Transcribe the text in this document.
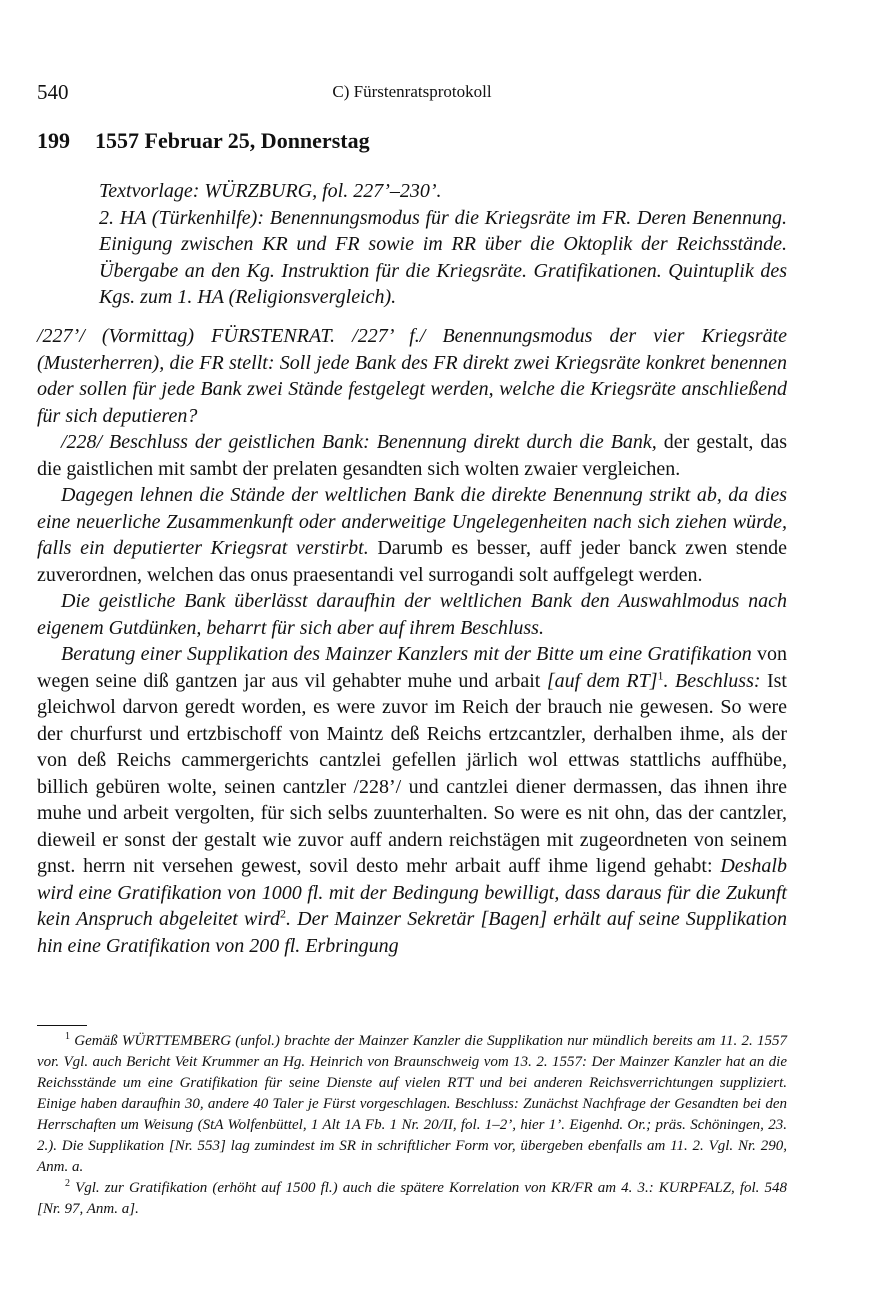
540	C) Fürstenratsprotokoll
199 1557 Februar 25, Donnerstag

Textvorlage: WÜRZBURG, fol. 227’–230’.

2. HA (Türkenhilfe): Benennungsmodus für die Kriegsräte im FR. Deren Benennung. Einigung zwischen KR und FR sowie im RR über die Oktoplik der Reichsstände. Übergabe an den Kg. Instruktion für die Kriegsräte. Gratifikationen. Quintuplik des Kgs. zum 1. HA (Religionsvergleich).

/227’/ (Vormittag) FÜRSTENRAT. /227’ f./ Benennungsmodus der vier Kriegsräte (Musterherren), die FR stellt: Soll jede Bank des FR direkt zwei Kriegsräte konkret benennen oder sollen für jede Bank zwei Stände festgelegt werden, welche die Kriegsräte anschließend für sich deputieren?

/228/ Beschluss der geistlichen Bank: Benennung direkt durch die Bank, der gestalt, das die gaistlichen mit sambt der prelaten gesandten sich wolten zwaier vergleichen.

Dagegen lehnen die Stände der weltlichen Bank die direkte Benennung strikt ab, da dies eine neuerliche Zusammenkunft oder anderweitige Ungelegenheiten nach sich ziehen würde, falls ein deputierter Kriegsrat verstirbt. Darumb es besser, auff jeder banck zwen stende zuverordnen, welchen das onus praesentandi vel surrogandi solt auffgelegt werden.

Die geistliche Bank überlässt daraufhin der weltlichen Bank den Auswahlmodus nach eigenem Gutdünken, beharrt für sich aber auf ihrem Beschluss.

Beratung einer Supplikation des Mainzer Kanzlers mit der Bitte um eine Gratifikation von wegen seine diß gantzen jar aus vil gehabter muhe und arbait [auf dem RT]$^1$. Beschluss: Ist gleichwol darvon geredt worden, es were zuvor im Reich der brauch nie gewesen. So were der churfurst und ertzbischoff von Maintz deß Reichs ertzcantzler, derhalben ihme, als der von deß Reichs cammergerichts cantzlei gefellen järlich wol ettwas stattlichs auffhübe, billich gebüren wolte, seinen cantzler /228’/ und cantzlei diener dermassen, das ihnen ihre muhe und arbeit vergolten, für sich selbs zuunterhalten. So were es nit ohn, das der cantzler, dieweil er sonst der gestalt wie zuvor auff andern reichstägen mit zugeordneten von seinem gnst. herrn nit versehen gewest, sovil desto mehr arbait auff ihme ligend gehabt: Deshalb wird eine Gratifikation von 1000 fl. mit der Bedingung bewilligt, dass daraus für die Zukunft kein Anspruch abgeleitet wird$^2$. Der Mainzer Sekretär [Bagen] erhält auf seine Supplikation hin eine Gratifikation von 200 fl. Erbringung

$^1$ Gemäß WÜRTTEMBERG (unfol.) brachte der Mainzer Kanzler die Supplikation nur mündlich bereits am 11. 2. 1557 vor. Vgl. auch Bericht Veit Krummer an Hg. Heinrich von Braunschweig vom 13. 2. 1557: Der Mainzer Kanzler hat an die Reichsstände um eine Gratifikation für seine Dienste auf vielen RTT und bei anderen Reichsverrichtungen suppliziert. Einige haben daraufhin 30, andere 40 Taler je Fürst vorgeschlagen. Beschluss: Zunächst Nachfrage der Gesandten bei den Herrschaften um Weisung (StA Wolfenbüttel, 1 Alt 1A Fb. 1 Nr. 20/II, fol. 1–2’, hier 1’. Eigenhd. Or.; präs. Schöningen, 23. 2.). Die Supplikation [Nr. 553] lag zumindest im SR in schriftlicher Form vor, übergeben ebenfalls am 11. 2. Vgl. Nr. 290, Anm. a.

$^2$ Vgl. zur Gratifikation (erhöht auf 1500 fl.) auch die spätere Korrelation von KR/FR am 4. 3.: KURPFALZ, fol. 548 [Nr. 97, Anm. a].
